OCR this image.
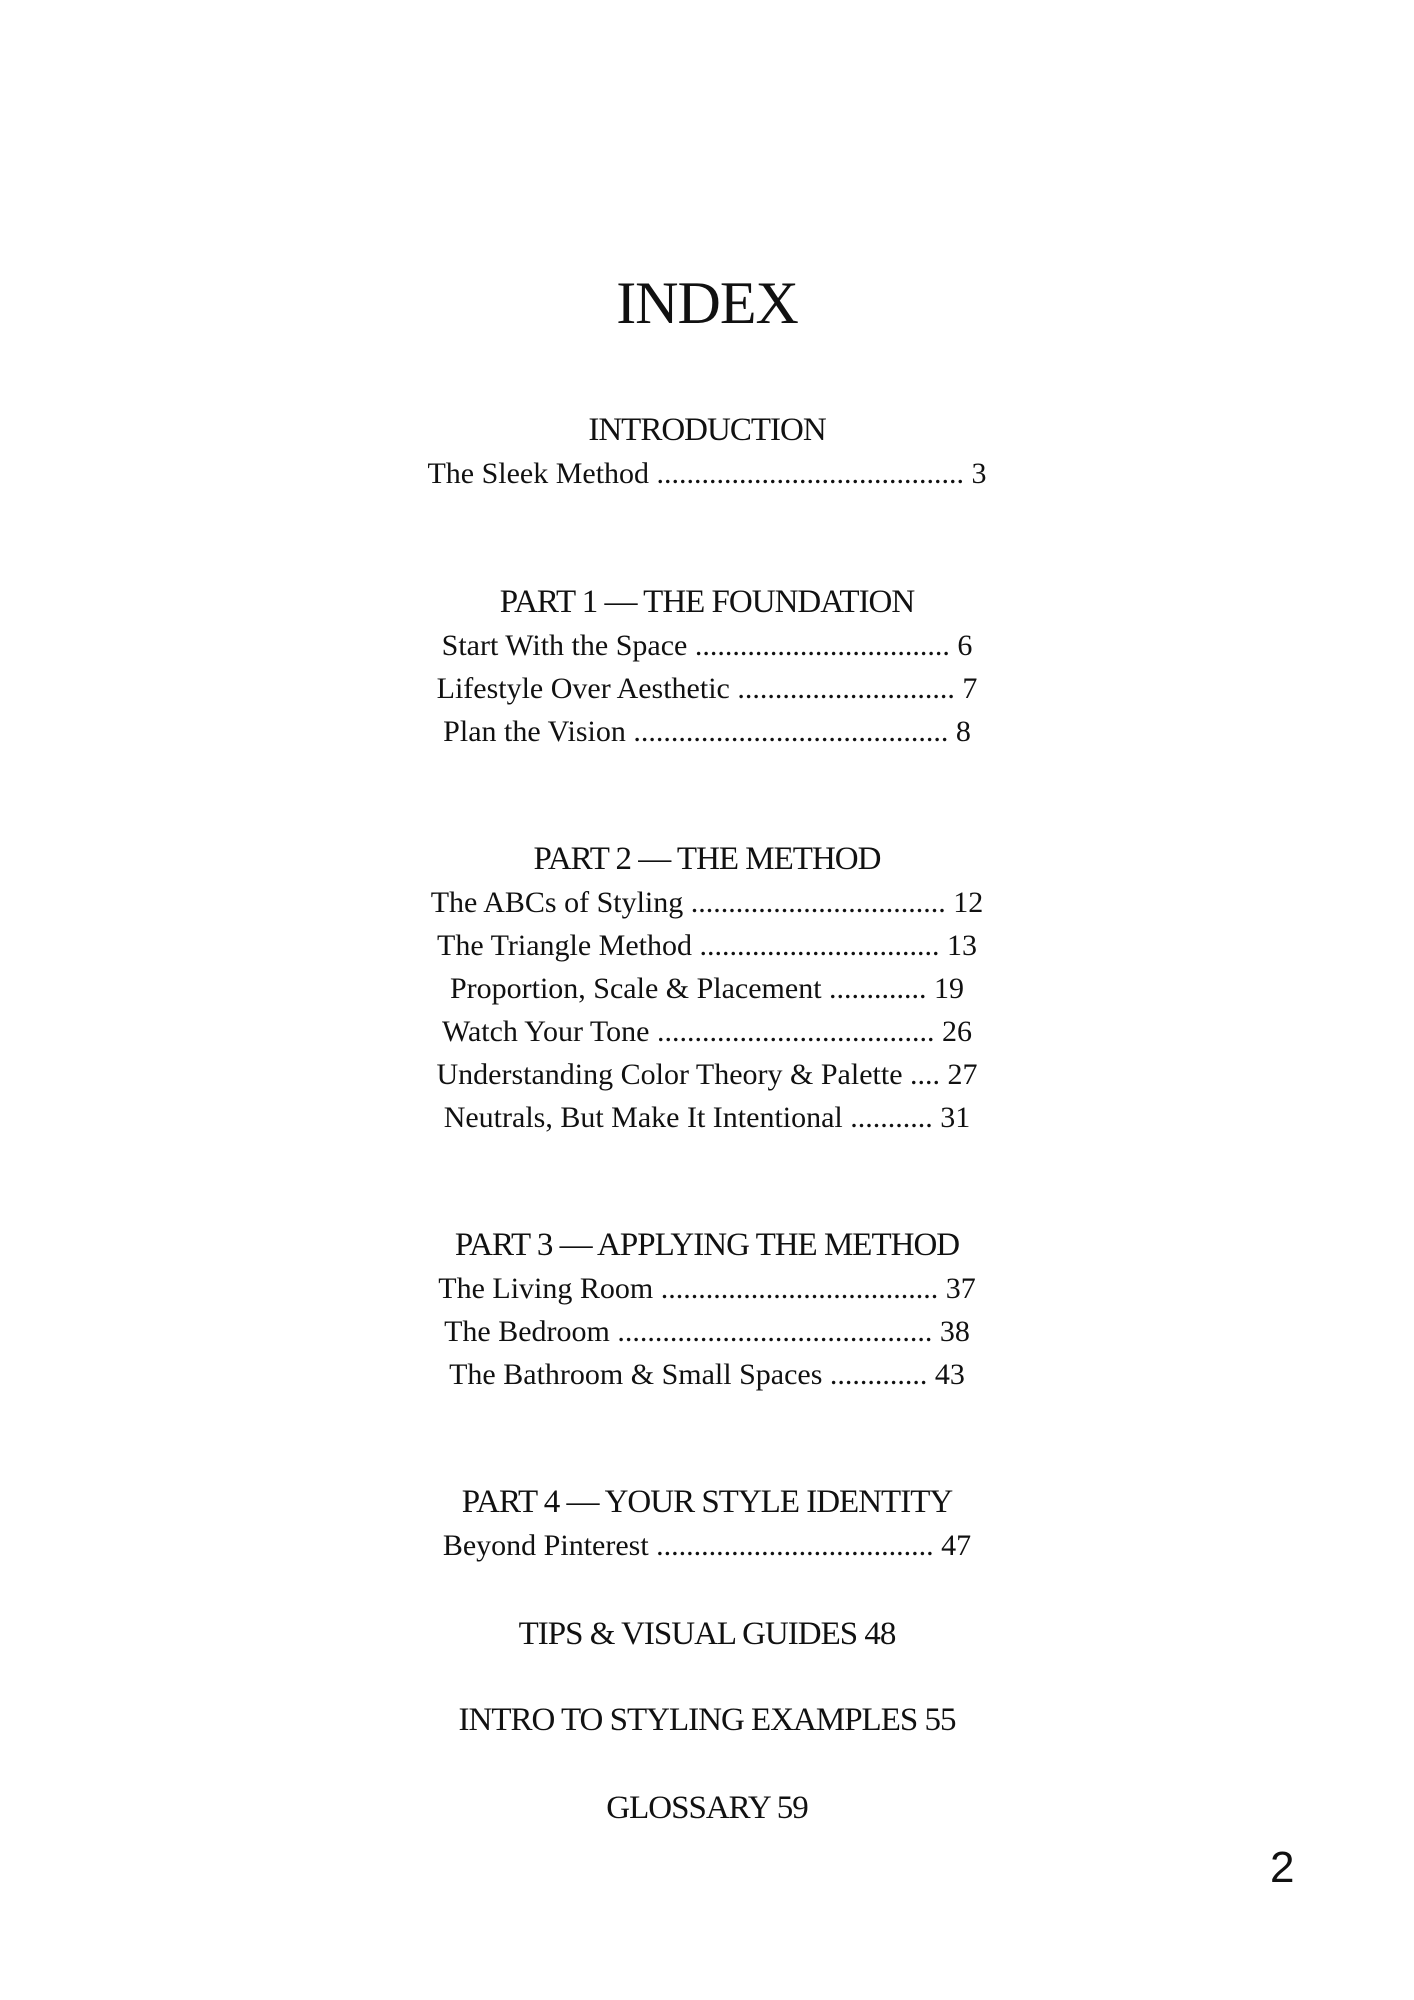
INDEX
INTRODUCTION

The Sleek Method ......................................... 3

PART 1 — THE FOUNDATION

Start With the Space .................................. 6

Lifestyle Over Aesthetic ............................. 7

Plan the Vision .......................................... 8

PART 2 — THE METHOD

The ABCs of Styling .................................. 12

The Triangle Method ................................ 13

Proportion, Scale & Placement ............. 19

Watch Your Tone ..................................... 26

Understanding Color Theory & Palette .... 27

Neutrals, But Make It Intentional ........... 31

PART 3 — APPLYING THE METHOD

The Living Room ..................................... 37

The Bedroom .......................................... 38

The Bathroom & Small Spaces ............. 43

PART 4 — YOUR STYLE IDENTITY

Beyond Pinterest ..................................... 47

TIPS & VISUAL GUIDES 48
INTRO TO STYLING EXAMPLES 55
GLOSSARY 59
2
